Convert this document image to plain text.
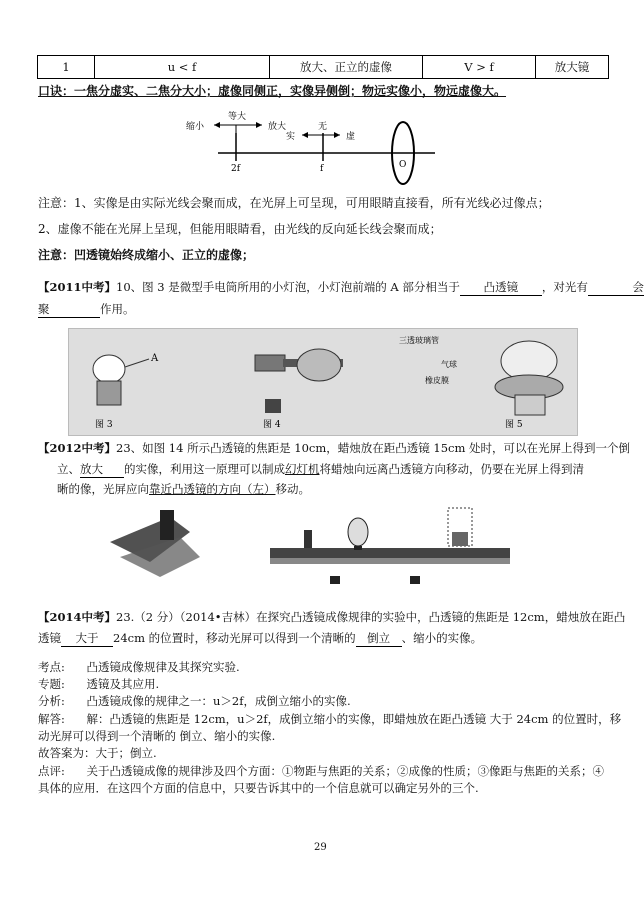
1	u < f	放大、正立的虚像	V > f	放大镜
口诀：一焦分虚实、二焦分大小；虚像同侧正，实像异侧倒；物远实像小，物远虚像大。
缩小
等大
放大
实
无
虚
2f	f	O
注意：1、实像是由实际光线会聚而成，在光屏上可呈现，可用眼睛直接看，所有光线必过像点；
2、虚像不能在光屏上呈现，但能用眼睛看，由光线的反向延长线会聚而成；
注意：凹透镜始终成缩小、正立的虚像；
【2011中考】10、图 3 是微型手电筒所用的小灯泡，小灯泡前端的 A 部分相当于 凸透镜 ，对光有	会
聚	作用。
A
图 3	图 4
三透玻璃管
气球
橡皮膜
图 5
【2012中考】23、如图 14 所示凸透镜的焦距是 10cm，蜡烛放在距凸透镜 15cm 处时，可以在光屏上得到一个倒
立、放大 的实像，利用这一原理可以制成幻灯机将蜡烛向远离凸透镜方向移动，仍要在光屏上得到清
晰的像，光屏应向靠近凸透镜的方向（左）移动。
【2014中考】23.（2 分）（2014•吉林）在探究凸透镜成像规律的实验中，凸透镜的焦距是 12cm，蜡烛放在距凸
透镜 大于 24cm 的位置时，移动光屏可以得到一个清晰的 倒立 、缩小的实像。
考点: 凸透镜成像规律及其探究实验.
专题: 透镜及其应用.
分析: 凸透镜成像的规律之一：u＞2f，成倒立缩小的实像.
解答: 解：凸透镜的焦距是 12cm，u＞2f，成倒立缩小的实像，即蜡烛放在距凸透镜 大于 24cm 的位置时，移
动光屏可以得到一个清晰的 倒立、缩小的实像.
故答案为：大于；倒立.
点评: 关于凸透镜成像的规律涉及四个方面：①物距与焦距的关系；②成像的性质；③像距与焦距的关系；④
具体的应用．在这四个方面的信息中，只要告诉其中的一个信息就可以确定另外的三个.
29
